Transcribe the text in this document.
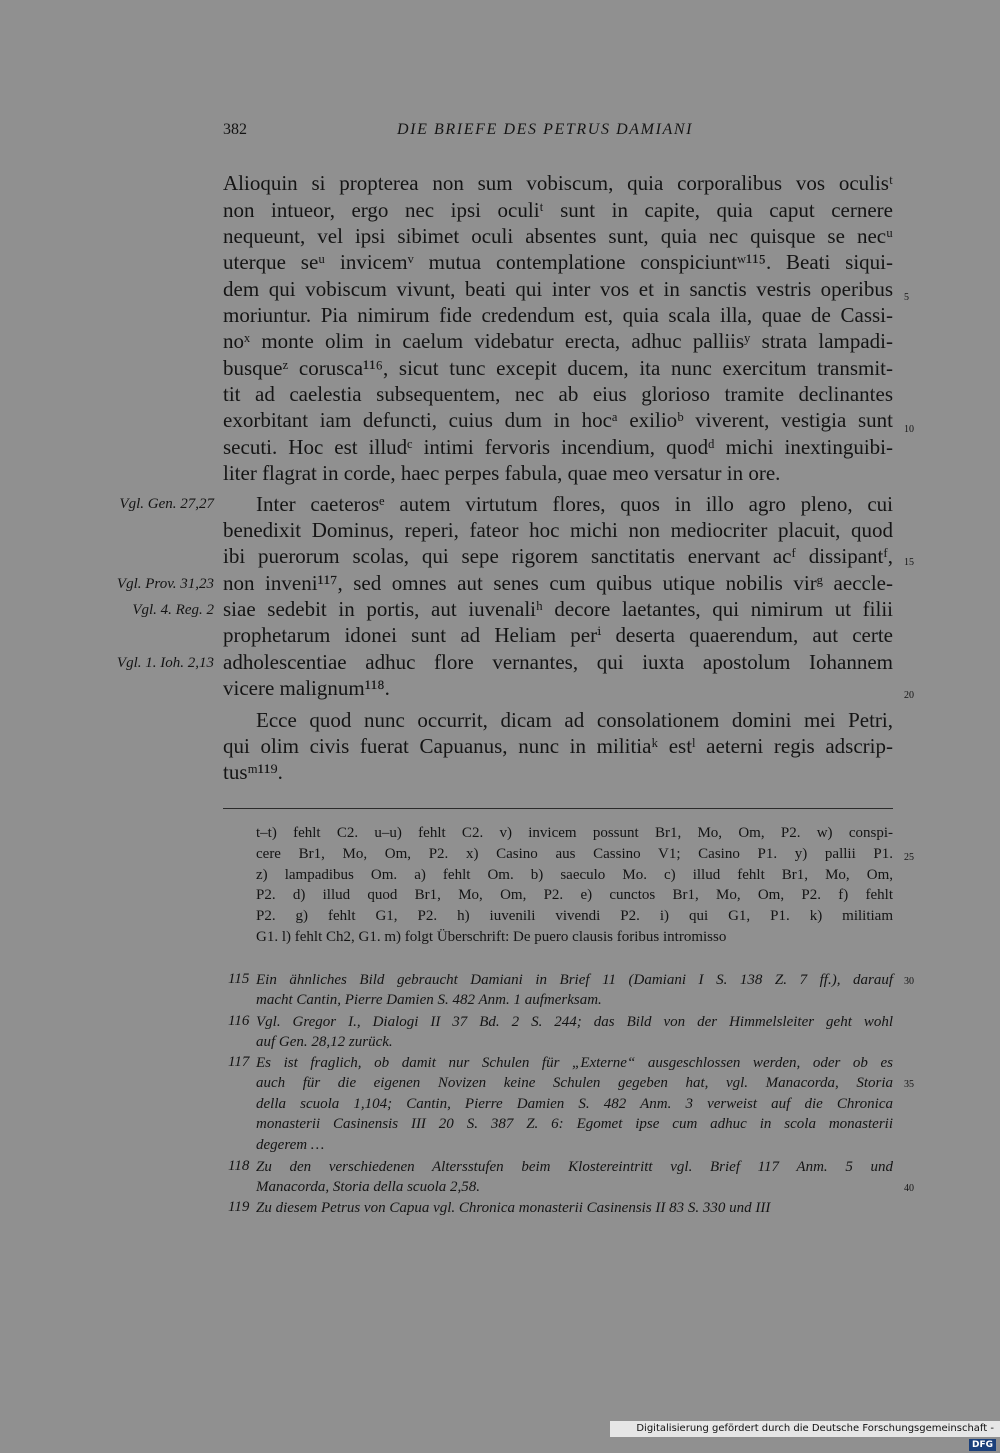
382	DIE BRIEFE DES PETRUS DAMIANI
Alioquin si propterea non sum vobiscum, quia corporalibus vos oculisᵗ
non intueor, ergo nec ipsi oculiᵗ sunt in capite, quia caput cernere
nequeunt, vel ipsi sibimet oculi absentes sunt, quia nec quisque se necᵘ
uterque seᵘ invicemᵛ mutua contemplatione conspiciuntʷ¹¹⁵. Beati siqui-
dem qui vobiscum vivunt, beati qui inter vos et in sanctis vestris operibus
moriuntur. Pia nimirum fide credendum est, quia scala illa, quae de Cassi-
noˣ monte olim in caelum videbatur erecta, adhuc palliisʸ strata lampadi-
busqueᶻ corusca¹¹⁶, sicut tunc excepit ducem, ita nunc exercitum transmit-
tit ad caelestia subsequentem, nec ab eius glorioso tramite declinantes
exorbitant iam defuncti, cuius dum in hocᵃ exilioᵇ viverent, vestigia sunt
secuti. Hoc est illudᶜ intimi fervoris incendium, quodᵈ michi inextinguibi-
liter flagrat in corde, haec perpes fabula, quae meo versatur in ore.
Inter caeterosᵉ autem virtutum flores, quos in illo agro pleno, cui
benedixit Dominus, reperi, fateor hoc michi non mediocriter placuit, quod
ibi puerorum scolas, qui sepe rigorem sanctitatis enervant acᶠ dissipantᶠ,
non inveni¹¹⁷, sed omnes aut senes cum quibus utique nobilis virᵍ aeccle-
siae sedebit in portis, aut iuvenaliʰ decore laetantes, qui nimirum ut filii
prophetarum idonei sunt ad Heliam perⁱ deserta quaerendum, aut certe
adholescentiae adhuc flore vernantes, qui iuxta apostolum Iohannem
vicere malignum¹¹⁸.
Ecce quod nunc occurrit, dicam ad consolationem domini mei Petri,
qui olim civis fuerat Capuanus, nunc in militiaᵏ estˡ aeterni regis adscrip-
tusᵐ¹¹⁹.
5
10
15
20
25
30
35
40
Vgl. Gen. 27,27
Vgl. Prov. 31,23
Vgl. 4. Reg. 2
Vgl. 1. Ioh. 2,13
t–t) fehlt C2. u–u) fehlt C2. v) invicem possunt Br1, Mo, Om, P2. w) conspi-
cere Br1, Mo, Om, P2. x) Casino aus Cassino V1; Casino P1. y) pallii P1.
z) lampadibus Om. a) fehlt Om. b) saeculo Mo. c) illud fehlt Br1, Mo, Om,
P2. d) illud quod Br1, Mo, Om, P2. e) cunctos Br1, Mo, Om, P2. f) fehlt
P2. g) fehlt G1, P2. h) iuvenili vivendi P2. i) qui G1, P1. k) militiam
G1. l) fehlt Ch2, G1. m) folgt Überschrift: De puero clausis foribus intromisso
115 Ein ähnliches Bild gebraucht Damiani in Brief 11 (Damiani I S. 138 Z. 7 ff.), darauf
macht Cantin, Pierre Damien S. 482 Anm. 1 aufmerksam.
116 Vgl. Gregor I., Dialogi II 37 Bd. 2 S. 244; das Bild von der Himmelsleiter geht wohl
auf Gen. 28,12 zurück.
117 Es ist fraglich, ob damit nur Schulen für „Externe“ ausgeschlossen werden, oder ob es
auch für die eigenen Novizen keine Schulen gegeben hat, vgl. Manacorda, Storia
della scuola 1,104; Cantin, Pierre Damien S. 482 Anm. 3 verweist auf die Chronica
monasterii Casinensis III 20 S. 387 Z. 6: Egomet ipse cum adhuc in scola monasterii
degerem …
118 Zu den verschiedenen Altersstufen beim Klostereintritt vgl. Brief 117 Anm. 5 und
Manacorda, Storia della scuola 2,58.
119 Zu diesem Petrus von Capua vgl. Chronica monasterii Casinensis II 83 S. 330 und III
Digitalisierung gefördert durch die Deutsche Forschungsgemeinschaft -DFG
